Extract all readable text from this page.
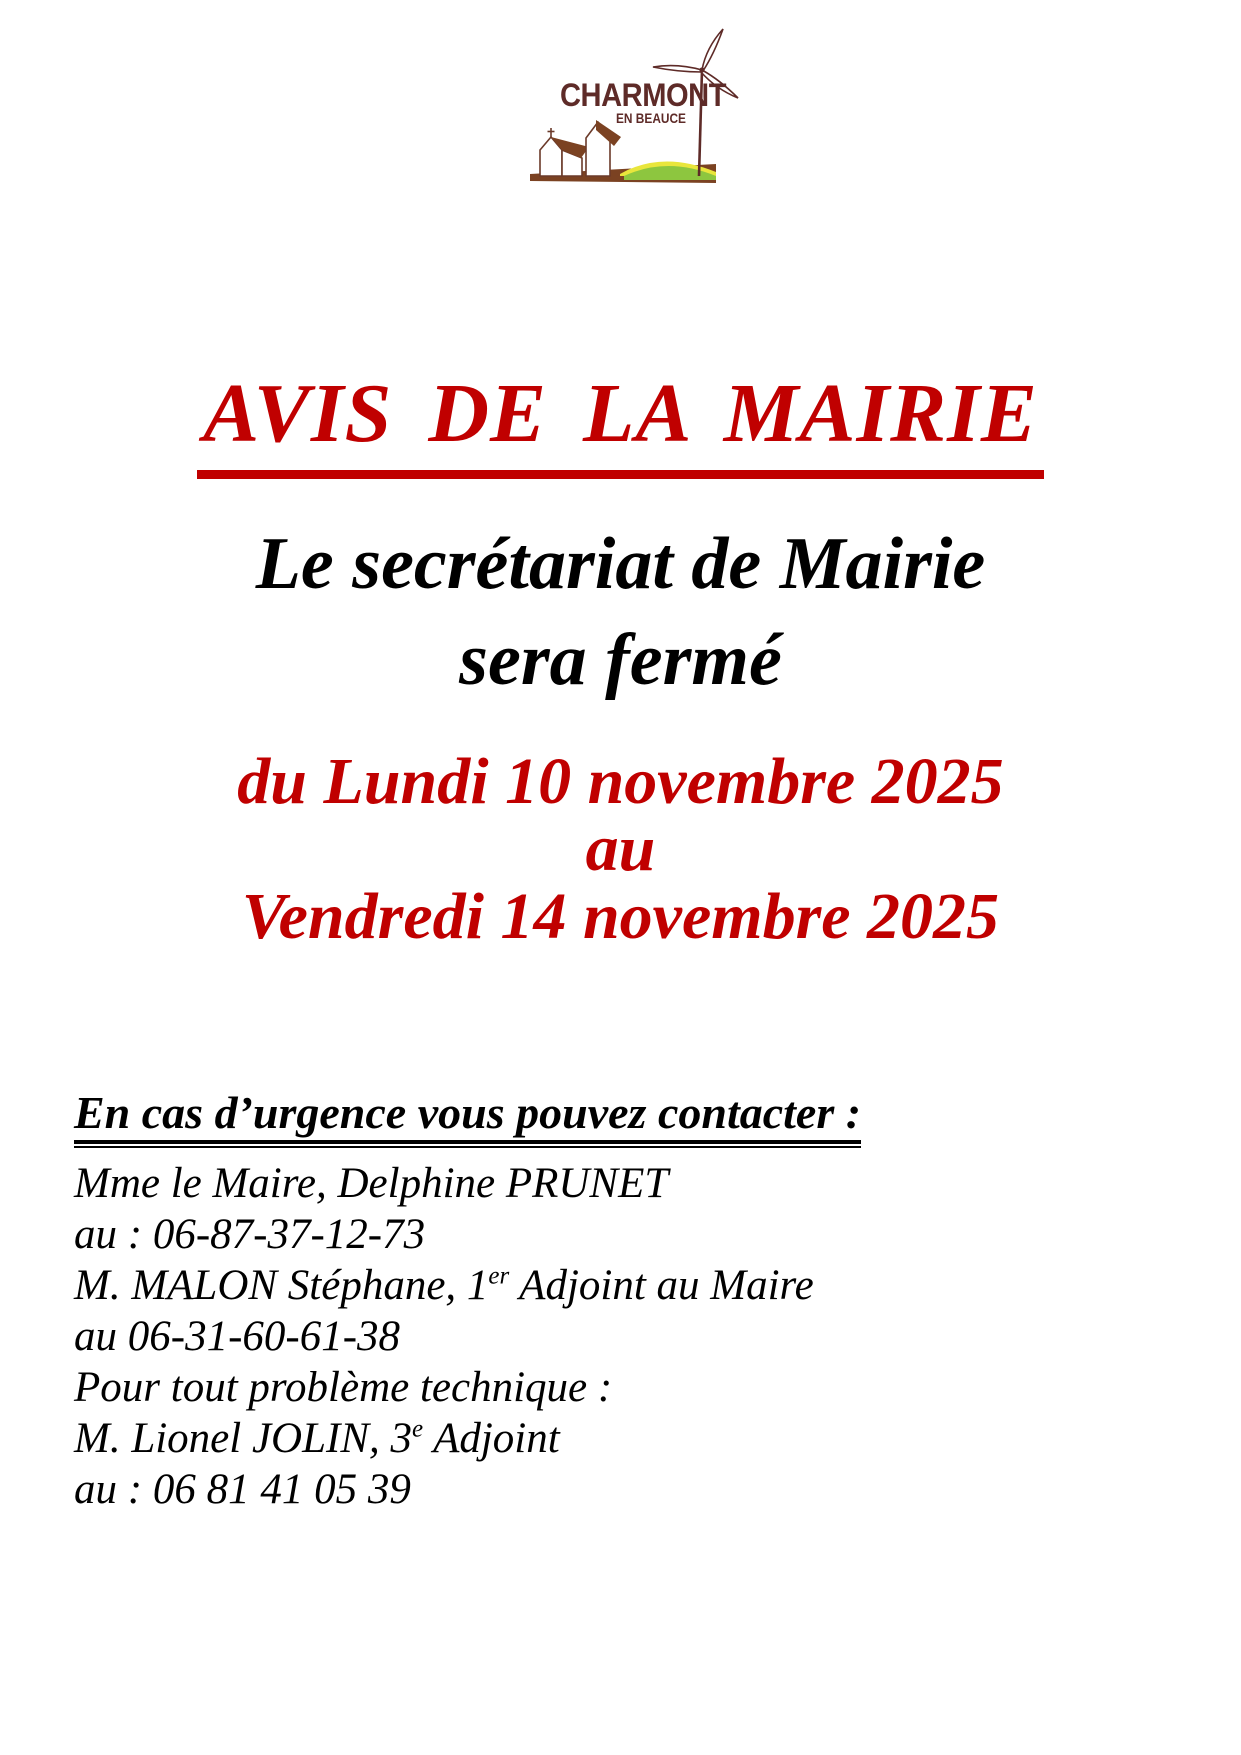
CHARMONT
EN BEAUCE
AVIS DE LA MAIRIE
Le secrétariat de Mairie
sera fermé
du Lundi 10 novembre 2025
au
Vendredi 14 novembre 2025
En cas d’urgence vous pouvez contacter :
Mme le Maire, Delphine PRUNET
au : 06-87-37-12-73
M. MALON Stéphane, 1er Adjoint au Maire
au 06-31-60-61-38
Pour tout problème technique :
M. Lionel JOLIN, 3e Adjoint
au : 06 81 41 05 39
